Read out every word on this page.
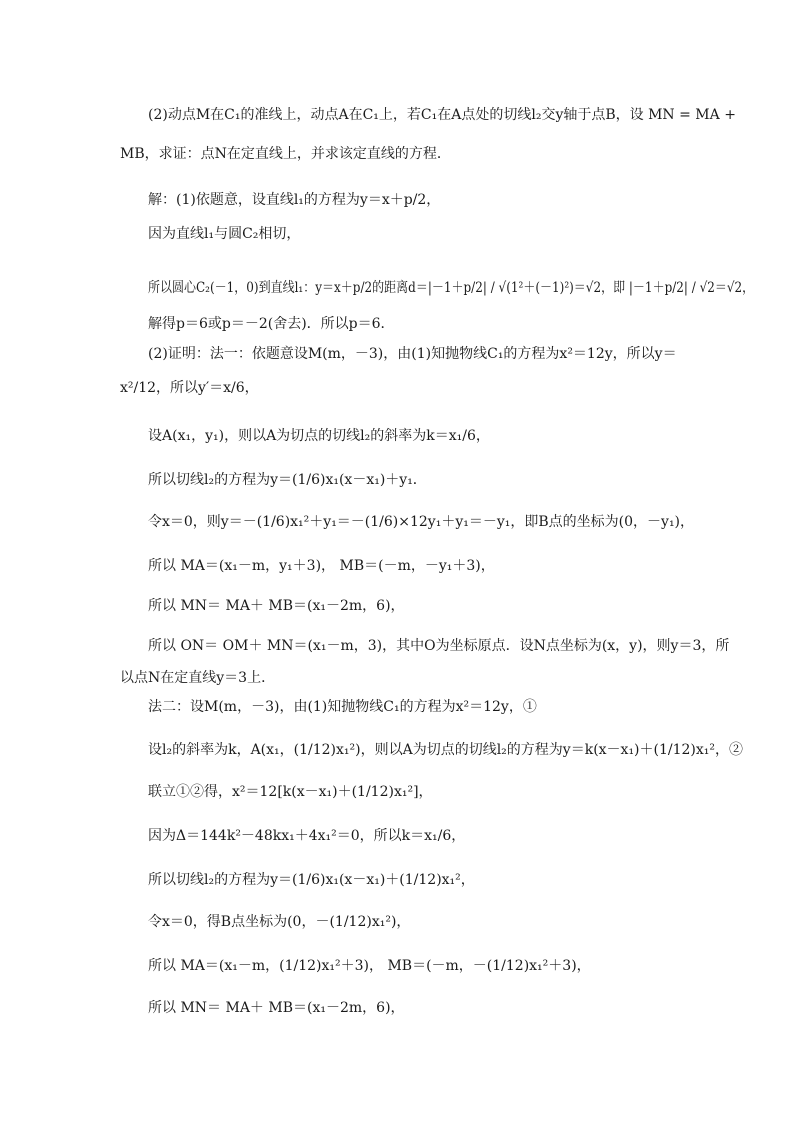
(2)动点M在C₁的准线上，动点A在C₁上，若C₁在A点处的切线l₂交y轴于点B，设 MN = MA +
MB，求证：点N在定直线上，并求该定直线的方程．
解：(1)依题意，设直线l₁的方程为y＝x＋p/2，
因为直线l₁与圆C₂相切，
所以圆心C₂(－1，0)到直线l₁：y＝x＋p/2的距离d＝|－1＋p/2| / √(1²＋(－1)²)＝√2，即 |－1＋p/2| / √2＝√2，
解得p＝6或p＝－2(舍去)．所以p＝6．
(2)证明：法一：依题意设M(m，－3)，由(1)知抛物线C₁的方程为x²＝12y，所以y＝
x²/12，所以y′＝x/6，
设A(x₁，y₁)，则以A为切点的切线l₂的斜率为k＝x₁/6，
所以切线l₂的方程为y＝(1/6)x₁(x－x₁)＋y₁．
令x＝0，则y＝－(1/6)x₁²＋y₁＝－(1/6)×12y₁＋y₁＝－y₁，即B点的坐标为(0，－y₁)，
所以 MA＝(x₁－m，y₁＋3)， MB＝(－m，－y₁＋3)，
所以 MN＝ MA＋ MB＝(x₁－2m，6)，
所以 ON＝ OM＋ MN＝(x₁－m，3)，其中O为坐标原点．设N点坐标为(x，y)，则y＝3，所
以点N在定直线y＝3上．
法二：设M(m，－3)，由(1)知抛物线C₁的方程为x²＝12y，①
设l₂的斜率为k，A(x₁，(1/12)x₁²)，则以A为切点的切线l₂的方程为y＝k(x－x₁)＋(1/12)x₁²，②
联立①②得，x²＝12[k(x－x₁)＋(1/12)x₁²]，
因为Δ＝144k²－48kx₁＋4x₁²＝0，所以k＝x₁/6，
所以切线l₂的方程为y＝(1/6)x₁(x－x₁)＋(1/12)x₁²，
令x＝0，得B点坐标为(0，－(1/12)x₁²)，
所以 MA＝(x₁－m，(1/12)x₁²＋3)， MB＝(－m，－(1/12)x₁²＋3)，
所以 MN＝ MA＋ MB＝(x₁－2m，6)，
